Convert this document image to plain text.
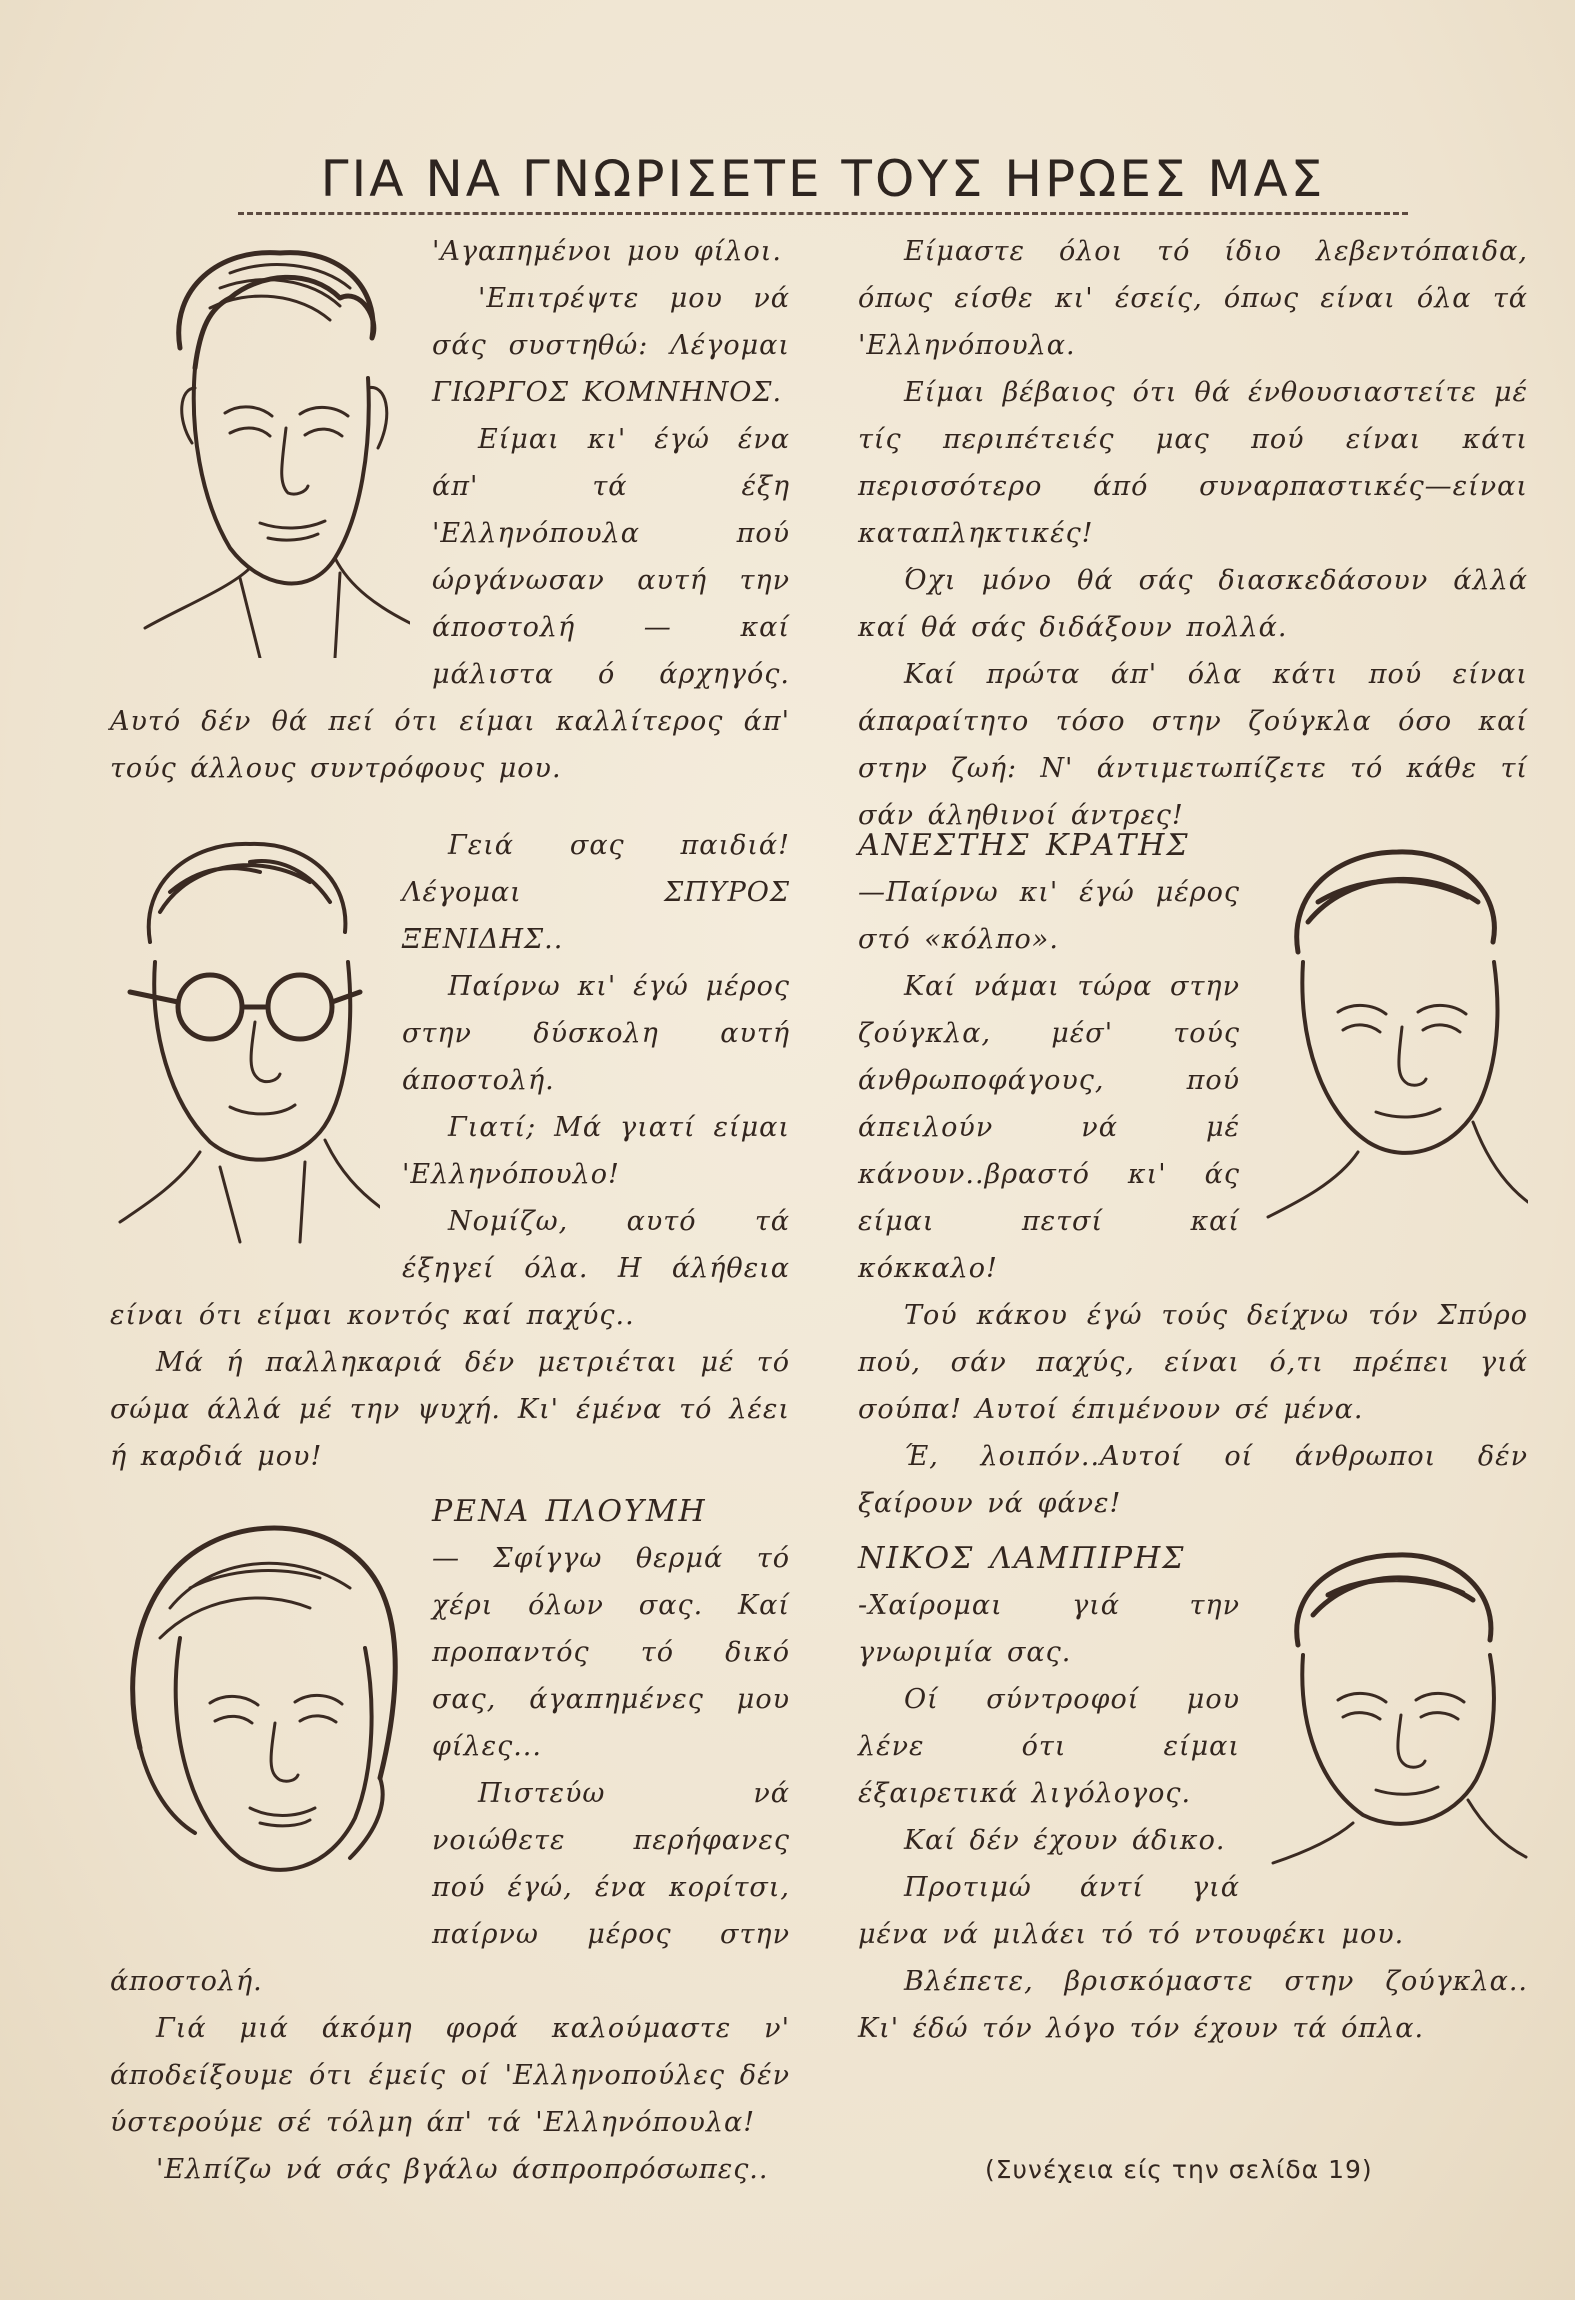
ΓΙΑ ΝΑ ΓΝΩΡΙΣΕΤΕ ΤΟΥΣ ΗΡΩΕΣ ΜΑΣ

'Αγαπημένοι μου φίλοι.

'Επιτρέψτε μου νά σάς συστηθώ: Λέγομαι ΓΙΩΡΓΟΣ ΚΟΜΝΗΝΟΣ.

Είμαι κι' έγώ ένα άπ' τά έξη 'Ελληνόπουλα πού ώργάνωσαν αυτή την άποστολή — καί μάλιστα ό άρχηγός. Αυτό δέν θά πεί ότι είμαι καλλίτερος άπ' τούς άλλους συντρόφους μου.

Γειά σας παιδιά! Λέγομαι ΣΠΥΡΟΣ ΞΕΝΙΔΗΣ..

Παίρνω κι' έγώ μέρος στην δύσκολη αυτή άποστολή.

Γιατί; Μά γιατί είμαι 'Ελληνόπουλο!

Νομίζω, αυτό τά έξηγεί όλα. Η άλήθεια είναι ότι είμαι κοντός καί παχύς..

Μά ή παλληκαριά δέν μετριέται μέ τό σώμα άλλά μέ την ψυχή. Κι' έμένα τό λέει ή καρδιά μου!

ΡΕΝΑ ΠΛΟΥΜΗ

— Σφίγγω θερμά τό χέρι όλων σας. Καί προπαντός τό δικό σας, άγαπημένες μου φίλες...

Πιστεύω νά νοιώθετε περήφανες πού έγώ, ένα κορίτσι, παίρνω μέρος στην άποστολή.

Γιά μιά άκόμη φορά καλούμαστε ν' άποδείξουμε ότι έμείς οί 'Ελληνοπούλες δέν ύστερούμε σέ τόλμη άπ' τά 'Ελληνόπουλα!

'Ελπίζω νά σάς βγάλω άσπροπρόσωπες..

Είμαστε όλοι τό ίδιο λεβεντόπαιδα, όπως είσθε κι' έσείς, όπως είναι όλα τά 'Ελληνόπουλα.

Είμαι βέβαιος ότι θά ένθουσιαστείτε μέ τίς περιπέτειές μας πού είναι κάτι περισσότερο άπό συναρπαστικές—είναι καταπληκτικές!

Όχι μόνο θά σάς διασκεδάσουν άλλά καί θά σάς διδάξουν πολλά.

Καί πρώτα άπ' όλα κάτι πού είναι άπαραίτητο τόσο στην ζούγκλα όσο καί στην ζωή: Ν' άντιμετωπίζετε τό κάθε τί σάν άληθινοί άντρες!

ΑΝΕΣΤΗΣ ΚΡΑΤΗΣ

—Παίρνω κι' έγώ μέρος στό «κόλπο».

Καί νάμαι τώρα στην ζούγκλα, μέσ' τούς άνθρωποφάγους, πού άπειλούν νά μέ κάνουν..βραστό κι' άς είμαι πετσί καί κόκκαλο!

Τού κάκου έγώ τούς δείχνω τόν Σπύρο πού, σάν παχύς, είναι ό,τι πρέπει γιά σούπα! Αυτοί έπιμένουν σέ μένα.

Έ, λοιπόν..Αυτοί οί άνθρωποι δέν ξαίρουν νά φάνε!

ΝΙΚΟΣ ΛΑΜΠΙΡΗΣ

-Χαίρομαι γιά την γνωριμία σας.

Οί σύντροφοί μου λένε ότι είμαι έξαιρετικά λιγόλογος.

Καί δέν έχουν άδικο.

Προτιμώ άντί γιά μένα νά μιλάει τό τό ντουφέκι μου.

Βλέπετε, βρισκόμαστε στην ζούγκλα.. Κι' έδώ τόν λόγο τόν έχουν τά όπλα.

(Συνέχεια είς την σελίδα 19)
